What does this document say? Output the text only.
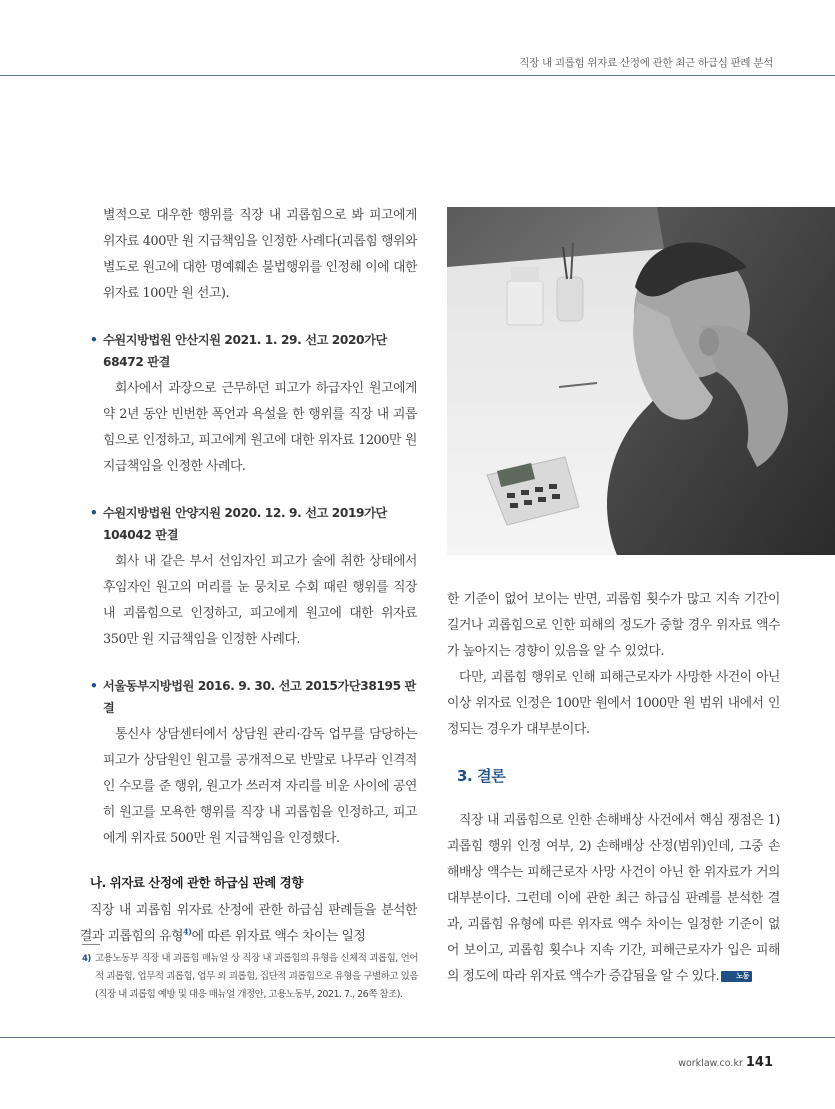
직장 내 괴롭힘 위자료 산정에 관한 최근 하급심 판례 분석

별적으로 대우한 행위를 직장 내 괴롭힘으로 봐 피고에게 위자료 400만 원 지급책임을 인정한 사례다(괴롭힘 행위와 별도로 원고에 대한 명예훼손 불법행위를 인정해 이에 대한 위자료 100만 원 선고).

• 수원지방법원 안산지원 2021. 1. 29. 선고 2020가단
68472 판결

회사에서 과장으로 근무하던 피고가 하급자인 원고에게 약 2년 동안 빈번한 폭언과 욕설을 한 행위를 직장 내 괴롭힘으로 인정하고, 피고에게 원고에 대한 위자료 1200만 원 지급책임을 인정한 사례다.

• 수원지방법원 안양지원 2020. 12. 9. 선고 2019가단
104042 판결

회사 내 같은 부서 선임자인 피고가 술에 취한 상태에서 후임자인 원고의 머리를 눈 뭉치로 수회 때린 행위를 직장 내 괴롭힘으로 인정하고, 피고에게 원고에 대한 위자료 350만 원 지급책임을 인정한 사례다.

• 서울동부지방법원 2016. 9. 30. 선고 2015가단38195 판결

통신사 상담센터에서 상담원 관리·감독 업무를 담당하는 피고가 상담원인 원고를 공개적으로 반말로 나무라 인격적인 수모를 준 행위, 원고가 쓰러져 자리를 비운 사이에 공연히 원고를 모욕한 행위를 직장 내 괴롭힘을 인정하고, 피고에게 위자료 500만 원 지급책임을 인정했다.

나. 위자료 산정에 관한 하급심 판례 경향

직장 내 괴롭힘 위자료 산정에 관한 하급심 판례들을 분석한 결과 괴롭힘의 유형$^{4)}$에 따른 위자료 액수 차이는 일정

4) 고용노동부 직장 내 괴롭힘 매뉴얼 상 직장 내 괴롭힘의 유형을 신체적 괴롭힘, 언어적 괴롭힘, 업무적 괴롭힘, 업무 외 괴롭힘, 집단적 괴롭힘으로 유형을 구별하고 있음(직장 내 괴롭힘 예방 및 대응 매뉴얼 개정안, 고용노동부, 2021. 7., 26쪽 참조).

한 기준이 없어 보이는 반면, 괴롭힘 횟수가 많고 지속 기간이 길거나 괴롭힘으로 인한 피해의 정도가 중할 경우 위자료 액수가 높아지는 경향이 있음을 알 수 있었다.

다만, 괴롭힘 행위로 인해 피해근로자가 사망한 사건이 아닌 이상 위자료 인정은 100만 원에서 1000만 원 범위 내에서 인정되는 경우가 대부분이다.

3. 결론

직장 내 괴롭힘으로 인한 손해배상 사건에서 핵심 쟁점은 1) 괴롭힘 행위 인정 여부, 2) 손해배상 산정(범위)인데, 그중 손해배상 액수는 피해근로자 사망 사건이 아닌 한 위자료가 거의 대부분이다. 그런데 이에 관한 최근 하급심 판례를 분석한 결과, 괴롭힘 유형에 따른 위자료 액수 차이는 일정한 기준이 없어 보이고, 괴롭힘 횟수나 지속 기간, 피해근로자가 입은 피해의 정도에 따라 위자료 액수가 증감됨을 알 수 있다. 노동

worklaw.co.kr 141
